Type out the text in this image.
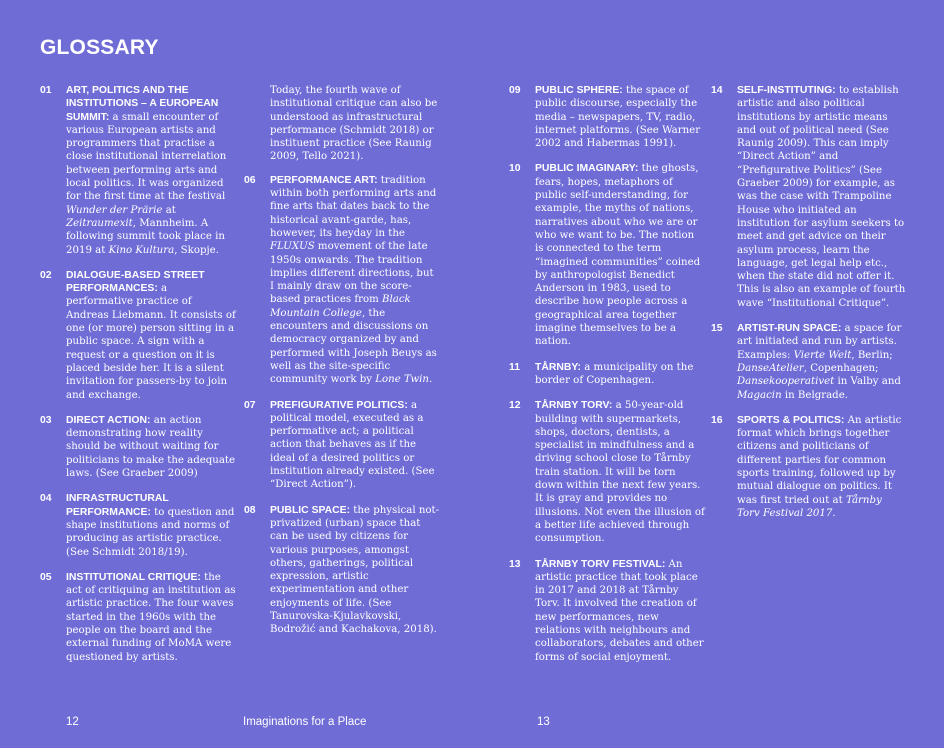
GLOSSARY
01 ART, POLITICS AND THE INSTITUTIONS – A EUROPEAN SUMMIT: a small encounter of various European artists and programmers that practise a close institutional interrelation between performing arts and local politics. It was organized for the first time at the festival Wunder der Prärie at Zeitraumexit, Mannheim. A following summit took place in 2019 at Kino Kultura, Skopje.
02 DIALOGUE-BASED STREET PERFORMANCES: a performative practice of Andreas Liebmann. It consists of one (or more) person sitting in a public space. A sign with a request or a question on it is placed beside her. It is a silent invitation for passers-by to join and exchange.
03 DIRECT ACTION: an action demonstrating how reality should be without waiting for politicians to make the adequate laws. (See Graeber 2009)
04 INFRASTRUCTURAL PERFORMANCE: to question and shape institutions and norms of producing as artistic practice. (See Schmidt 2018/19).
05 INSTITUTIONAL CRITIQUE: the act of critiquing an institution as artistic practice. The four waves started in the 1960s with the people on the board and the external funding of MoMA were questioned by artists.
Today, the fourth wave of institutional critique can also be understood as infrastructural performance (Schmidt 2018) or instituent practice (See Raunig 2009, Tello 2021).
06 PERFORMANCE ART: tradition within both performing arts and fine arts that dates back to the historical avant-garde, has, however, its heyday in the FLUXUS movement of the late 1950s onwards. The tradition implies different directions, but I mainly draw on the score-based practices from Black Mountain College, the encounters and discussions on democracy organized by and performed with Joseph Beuys as well as the site-specific community work by Lone Twin.
07 PREFIGURATIVE POLITICS: a political model, executed as a performative act; a political action that behaves as if the ideal of a desired politics or institution already existed. (See “Direct Action”).
08 PUBLIC SPACE: the physical not-privatized (urban) space that can be used by citizens for various purposes, amongst others, gatherings, political expression, artistic experimentation and other enjoyments of life. (See Tanurovska-Kjulavkovski, Bodrožić and Kachakova, 2018).
09 PUBLIC SPHERE: the space of public discourse, especially the media – newspapers, TV, radio, internet platforms. (See Warner 2002 and Habermas 1991).
10 PUBLIC IMAGINARY: the ghosts, fears, hopes, metaphors of public self-understanding, for example, the myths of nations, narratives about who we are or who we want to be. The notion is connected to the term “imagined communities” coined by anthropologist Benedict Anderson in 1983, used to describe how people across a geographical area together imagine themselves to be a nation.
11 TÅRNBY: a municipality on the border of Copenhagen.
12 TÅRNBY TORV: a 50-year-old building with supermarkets, shops, doctors, dentists, a specialist in mindfulness and a driving school close to Tårnby train station. It will be torn down within the next few years. It is gray and provides no illusions. Not even the illusion of a better life achieved through consumption.
13 TÅRNBY TORV FESTIVAL: An artistic practice that took place in 2017 and 2018 at Tårnby Torv. It involved the creation of new performances, new relations with neighbours and collaborators, debates and other forms of social enjoyment.
14 SELF-INSTITUTING: to establish artistic and also political institutions by artistic means and out of political need (See Raunig 2009). This can imply “Direct Action” and “Prefigurative Politics” (See Graeber 2009) for example, as was the case with Trampoline House who initiated an institution for asylum seekers to meet and get advice on their asylum process, learn the language, get legal help etc., when the state did not offer it. This is also an example of fourth wave “Institutional Critique”.
15 ARTIST-RUN SPACE: a space for art initiated and run by artists. Examples: Vierte Welt, Berlin; DanseAtelier, Copenhagen; Dansekooperativet in Valby and Magacin in Belgrade.
16 SPORTS & POLITICS: An artistic format which brings together citizens and politicians of different parties for common sports training, followed up by mutual dialogue on politics. It was first tried out at Tårnby Torv Festival 2017.
12	Imaginations for a Place	13
